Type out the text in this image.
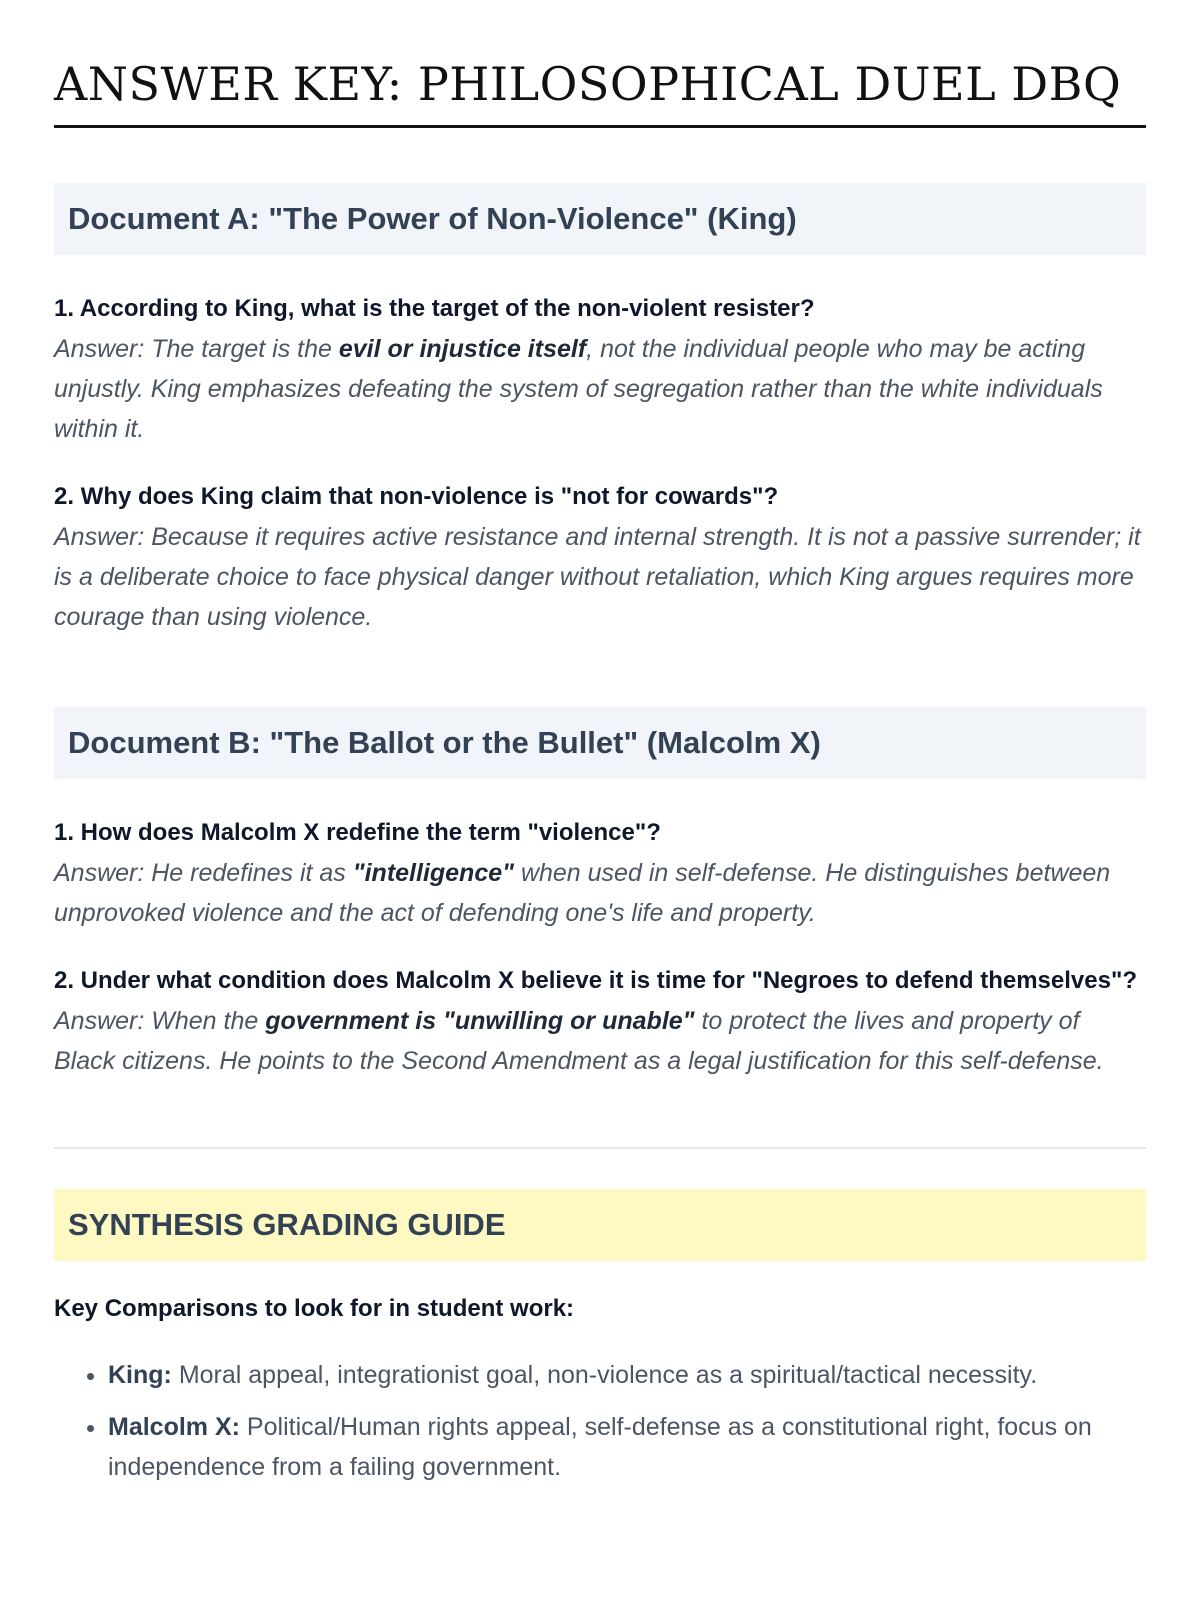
ANSWER KEY: PHILOSOPHICAL DUEL DBQ
Document A: "The Power of Non-Violence" (King)
1. According to King, what is the target of the non-violent resister?
Answer: The target is the evil or injustice itself, not the individual people who may be acting unjustly. King emphasizes defeating the system of segregation rather than the white individuals within it.
2. Why does King claim that non-violence is "not for cowards"?
Answer: Because it requires active resistance and internal strength. It is not a passive surrender; it is a deliberate choice to face physical danger without retaliation, which King argues requires more courage than using violence.
Document B: "The Ballot or the Bullet" (Malcolm X)
1. How does Malcolm X redefine the term "violence"?
Answer: He redefines it as "intelligence" when used in self-defense. He distinguishes between unprovoked violence and the act of defending one's life and property.
2. Under what condition does Malcolm X believe it is time for "Negroes to defend themselves"?
Answer: When the government is "unwilling or unable" to protect the lives and property of Black citizens. He points to the Second Amendment as a legal justification for this self-defense.
SYNTHESIS GRADING GUIDE
Key Comparisons to look for in student work:
• King: Moral appeal, integrationist goal, non-violence as a spiritual/tactical necessity.
• Malcolm X: Political/Human rights appeal, self-defense as a constitutional right, focus on independence from a failing government.
